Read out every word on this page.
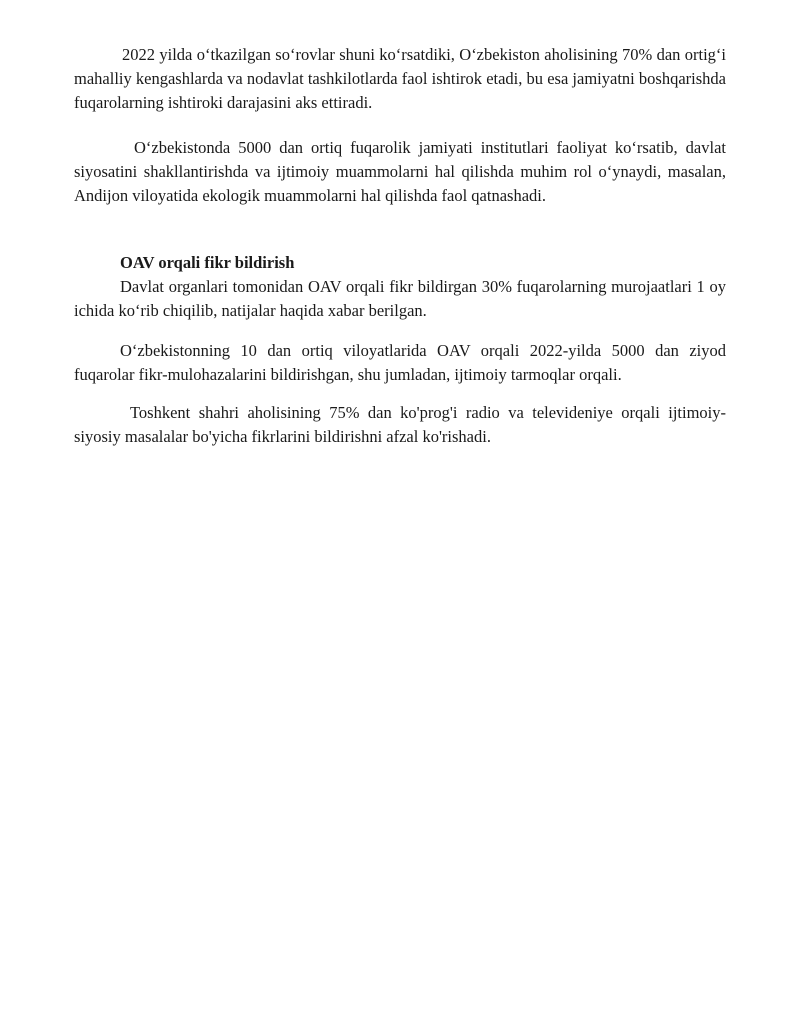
2022 yilda o‘tkazilgan so‘rovlar shuni ko‘rsatdiki, O‘zbekiston aholisining 70% dan ortig‘i mahalliy kengashlarda va nodavlat tashkilotlarda faol ishtirok etadi, bu esa jamiyatni boshqarishda fuqarolarning ishtiroki darajasini aks ettiradi.

O‘zbekistonda 5000 dan ortiq fuqarolik jamiyati institutlari faoliyat ko‘rsatib, davlat siyosatini shakllantirishda va ijtimoiy muammolarni hal qilishda muhim rol o‘ynaydi, masalan, Andijon viloyatida ekologik muammolarni hal qilishda faol qatnashadi.

OAV orqali fikr bildirish

Davlat organlari tomonidan OAV orqali fikr bildirgan 30% fuqarolarning murojaatlari 1 oy ichida ko‘rib chiqilib, natijalar haqida xabar berilgan.

O‘zbekistonning 10 dan ortiq viloyatlarida OAV orqali 2022-yilda 5000 dan ziyod fuqarolar fikr-mulohazalarini bildirishgan, shu jumladan, ijtimoiy tarmoqlar orqali.

Toshkent shahri aholisining 75% dan ko'prog'i radio va televideniye orqali ijtimoiy-siyosiy masalalar bo'yicha fikrlarini bildirishni afzal ko'rishadi.
